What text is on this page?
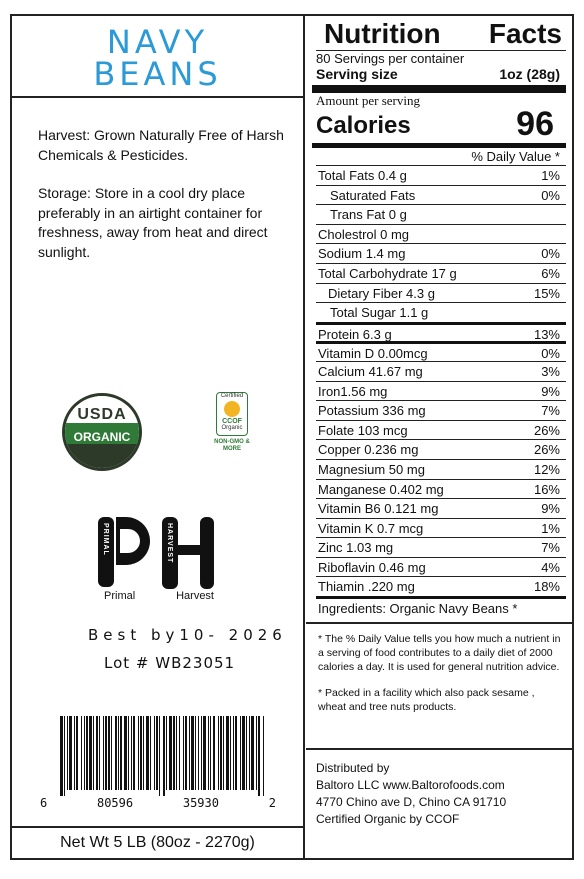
NAVY
BEANS

Harvest: Grown Naturally Free of Harsh Chemicals & Pesticides.

Storage: Store in a cool dry place preferably in an airtight container for freshness, away from heat and direct sunlight.

USDA
ORGANIC
Certified
CCOF
Organic
NON-GMO & MORE
PRIMAL	HARVEST
Primal	Harvest
Best by10- 2026
Lot # WB23051
6	80596	35930	2
Net Wt 5 LB (80oz - 2270g)
Nutrition Facts
80 Servings per container
Serving size	1oz (28g)
Amount per serving
Calories	96
% Daily Value *
Total Fats 0.4 g	1%
Saturated Fats	0%
Trans Fat 0 g
Cholestrol 0 mg
Sodium 1.4 mg	0%
Total Carbohydrate 17 g	6%
Dietary Fiber 4.3 g	15%
Total Sugar 1.1 g
Protein 6.3 g	13%
Vitamin D 0.00mcg	0%
Calcium 41.67 mg	3%
Iron1.56 mg	9%
Potassium 336 mg	7%
Folate 103 mcg	26%
Copper 0.236 mg	26%
Magnesium 50 mg	12%
Manganese 0.402 mg	16%
Vitamin B6 0.121 mg	9%
Vitamin K 0.7 mcg	1%
Zinc 1.03 mg	7%
Riboflavin 0.46 mg	4%
Thiamin .220 mg	18%
Ingredients: Organic Navy Beans *

* The % Daily Value tells you how much a nutrient in a serving of food contributes to a daily diet of 2000 calories a day. It is used for general nutrition advice.

* Packed in a facility which also pack sesame , wheat and tree nuts products.

Distributed by
Baltoro LLC www.Baltorofoods.com
4770 Chino ave D, Chino CA 91710
Certified Organic by CCOF
